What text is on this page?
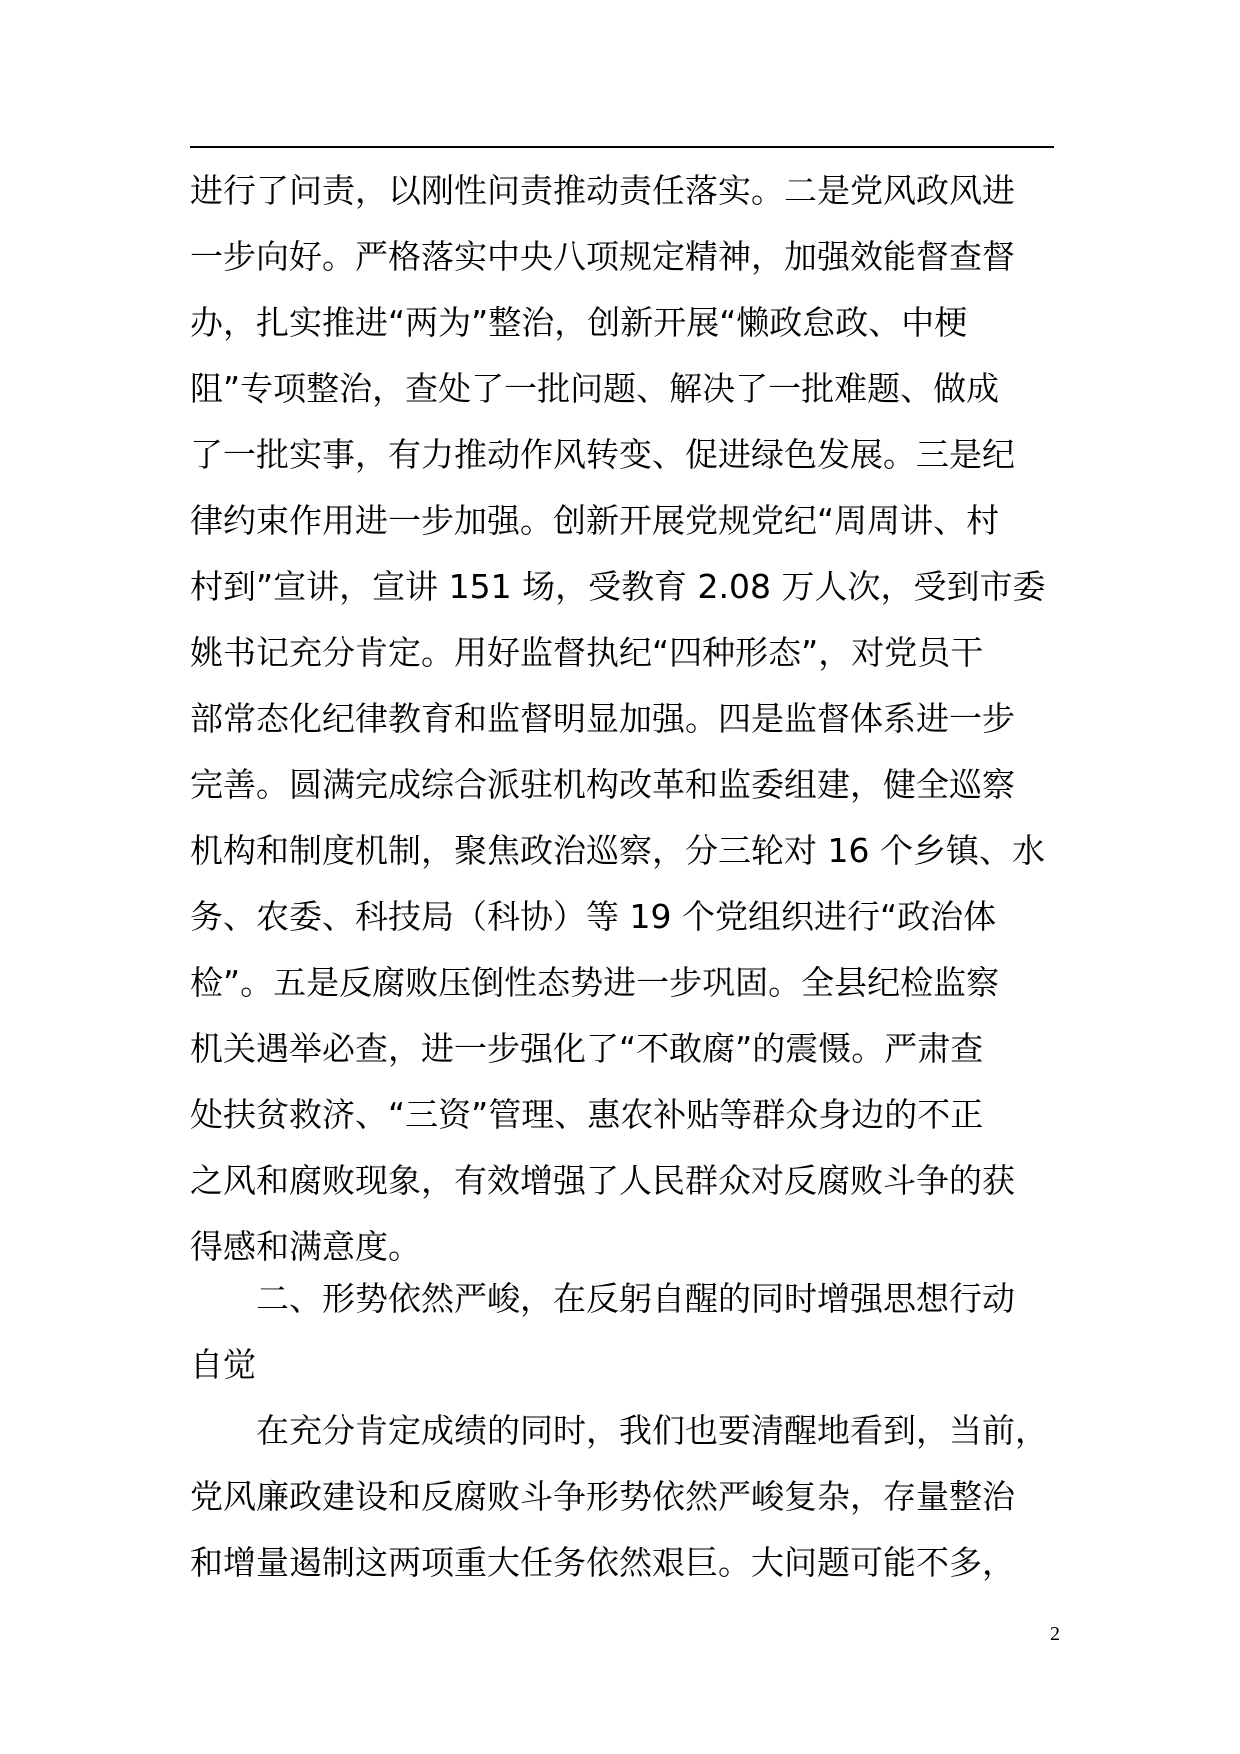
进行了问责，以刚性问责推动责任落实。二是党风政风进
一步向好。严格落实中央八项规定精神，加强效能督查督
办，扎实推进“两为”整治，创新开展“懒政怠政、中梗
阻”专项整治，查处了一批问题、解决了一批难题、做成
了一批实事，有力推动作风转变、促进绿色发展。三是纪
律约束作用进一步加强。创新开展党规党纪“周周讲、村
村到”宣讲，宣讲 151 场，受教育 2.08 万人次，受到市委
姚书记充分肯定。用好监督执纪“四种形态”，对党员干
部常态化纪律教育和监督明显加强。四是监督体系进一步
完善。圆满完成综合派驻机构改革和监委组建，健全巡察
机构和制度机制，聚焦政治巡察，分三轮对 16 个乡镇、水
务、农委、科技局（科协）等 19 个党组织进行“政治体
检”。五是反腐败压倒性态势进一步巩固。全县纪检监察
机关遇举必查，进一步强化了“不敢腐”的震慑。严肃查
处扶贫救济、“三资”管理、惠农补贴等群众身边的不正
之风和腐败现象，有效增强了人民群众对反腐败斗争的获
得感和满意度。
二、形势依然严峻，在反躬自醒的同时增强思想行动
自觉
在充分肯定成绩的同时，我们也要清醒地看到，当前，
党风廉政建设和反腐败斗争形势依然严峻复杂，存量整治
和增量遏制这两项重大任务依然艰巨。大问题可能不多，
2
